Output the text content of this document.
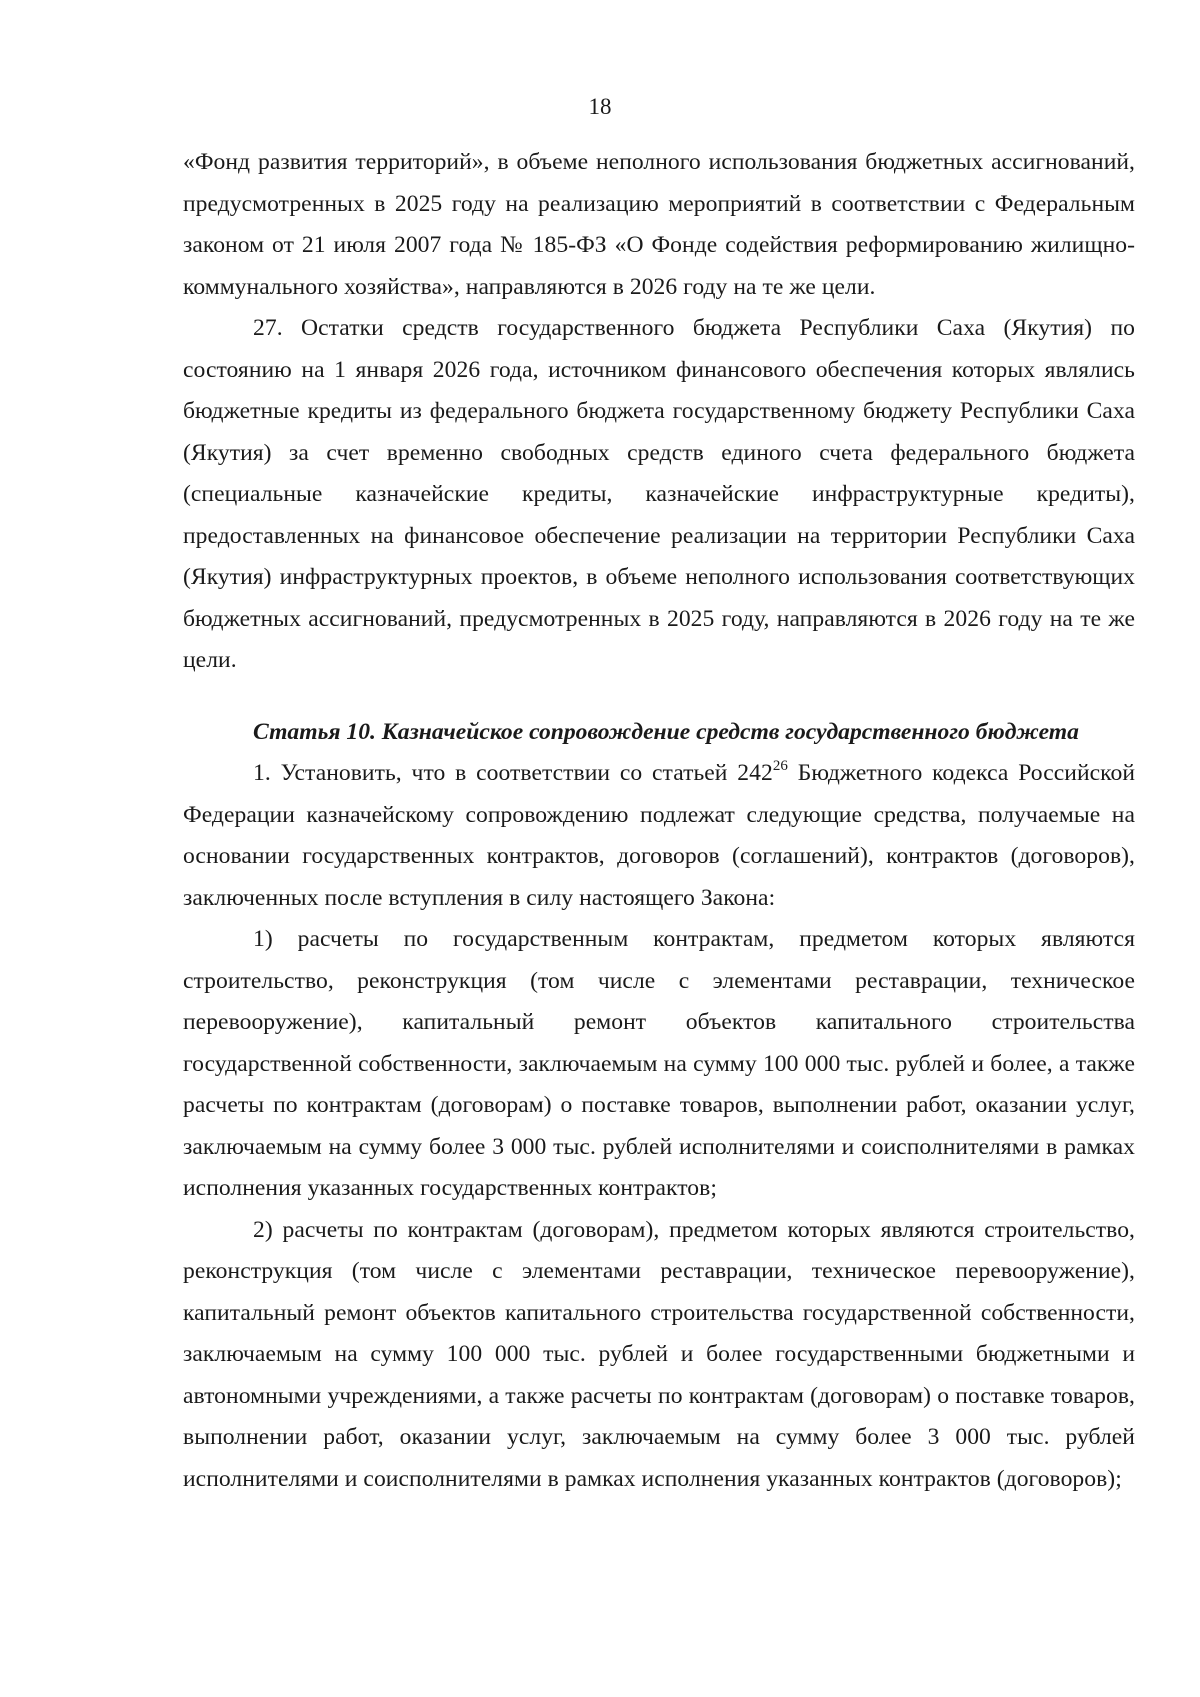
18

«Фонд развития территорий», в объеме неполного использования бюджетных ассигнований, предусмотренных в 2025 году на реализацию мероприятий в соответствии с Федеральным законом от 21 июля 2007 года № 185-ФЗ «О Фонде содействия реформированию жилищно-коммунального хозяйства», направляются в 2026 году на те же цели.

27. Остатки средств государственного бюджета Республики Саха (Якутия) по состоянию на 1 января 2026 года, источником финансового обеспечения которых являлись бюджетные кредиты из федерального бюджета государственному бюджету Республики Саха (Якутия) за счет временно свободных средств единого счета федерального бюджета (специальные казначейские кредиты, казначейские инфраструктурные кредиты), предоставленных на финансовое обеспечение реализации на территории Республики Саха (Якутия) инфраструктурных проектов, в объеме неполного использования соответствующих бюджетных ассигнований, предусмотренных в 2025 году, направляются в 2026 году на те же цели.

Статья 10. Казначейское сопровождение средств государственного бюджета

1. Установить, что в соответствии со статьей $242^{26}$ Бюджетного кодекса Российской Федерации казначейскому сопровождению подлежат следующие средства, получаемые на основании государственных контрактов, договоров (соглашений), контрактов (договоров), заключенных после вступления в силу настоящего Закона:

1) расчеты по государственным контрактам, предметом которых являются строительство, реконструкция (том числе с элементами реставрации, техническое перевооружение), капитальный ремонт объектов капитального строительства государственной собственности, заключаемым на сумму 100 000 тыс. рублей и более, а также расчеты по контрактам (договорам) о поставке товаров, выполнении работ, оказании услуг, заключаемым на сумму более 3 000 тыс. рублей исполнителями и соисполнителями в рамках исполнения указанных государственных контрактов;

2) расчеты по контрактам (договорам), предметом которых являются строительство, реконструкция (том числе с элементами реставрации, техническое перевооружение), капитальный ремонт объектов капитального строительства государственной собственности, заключаемым на сумму 100 000 тыс. рублей и более государственными бюджетными и автономными учреждениями, а также расчеты по контрактам (договорам) о поставке товаров, выполнении работ, оказании услуг, заключаемым на сумму более 3 000 тыс. рублей исполнителями и соисполнителями в рамках исполнения указанных контрактов (договоров);
